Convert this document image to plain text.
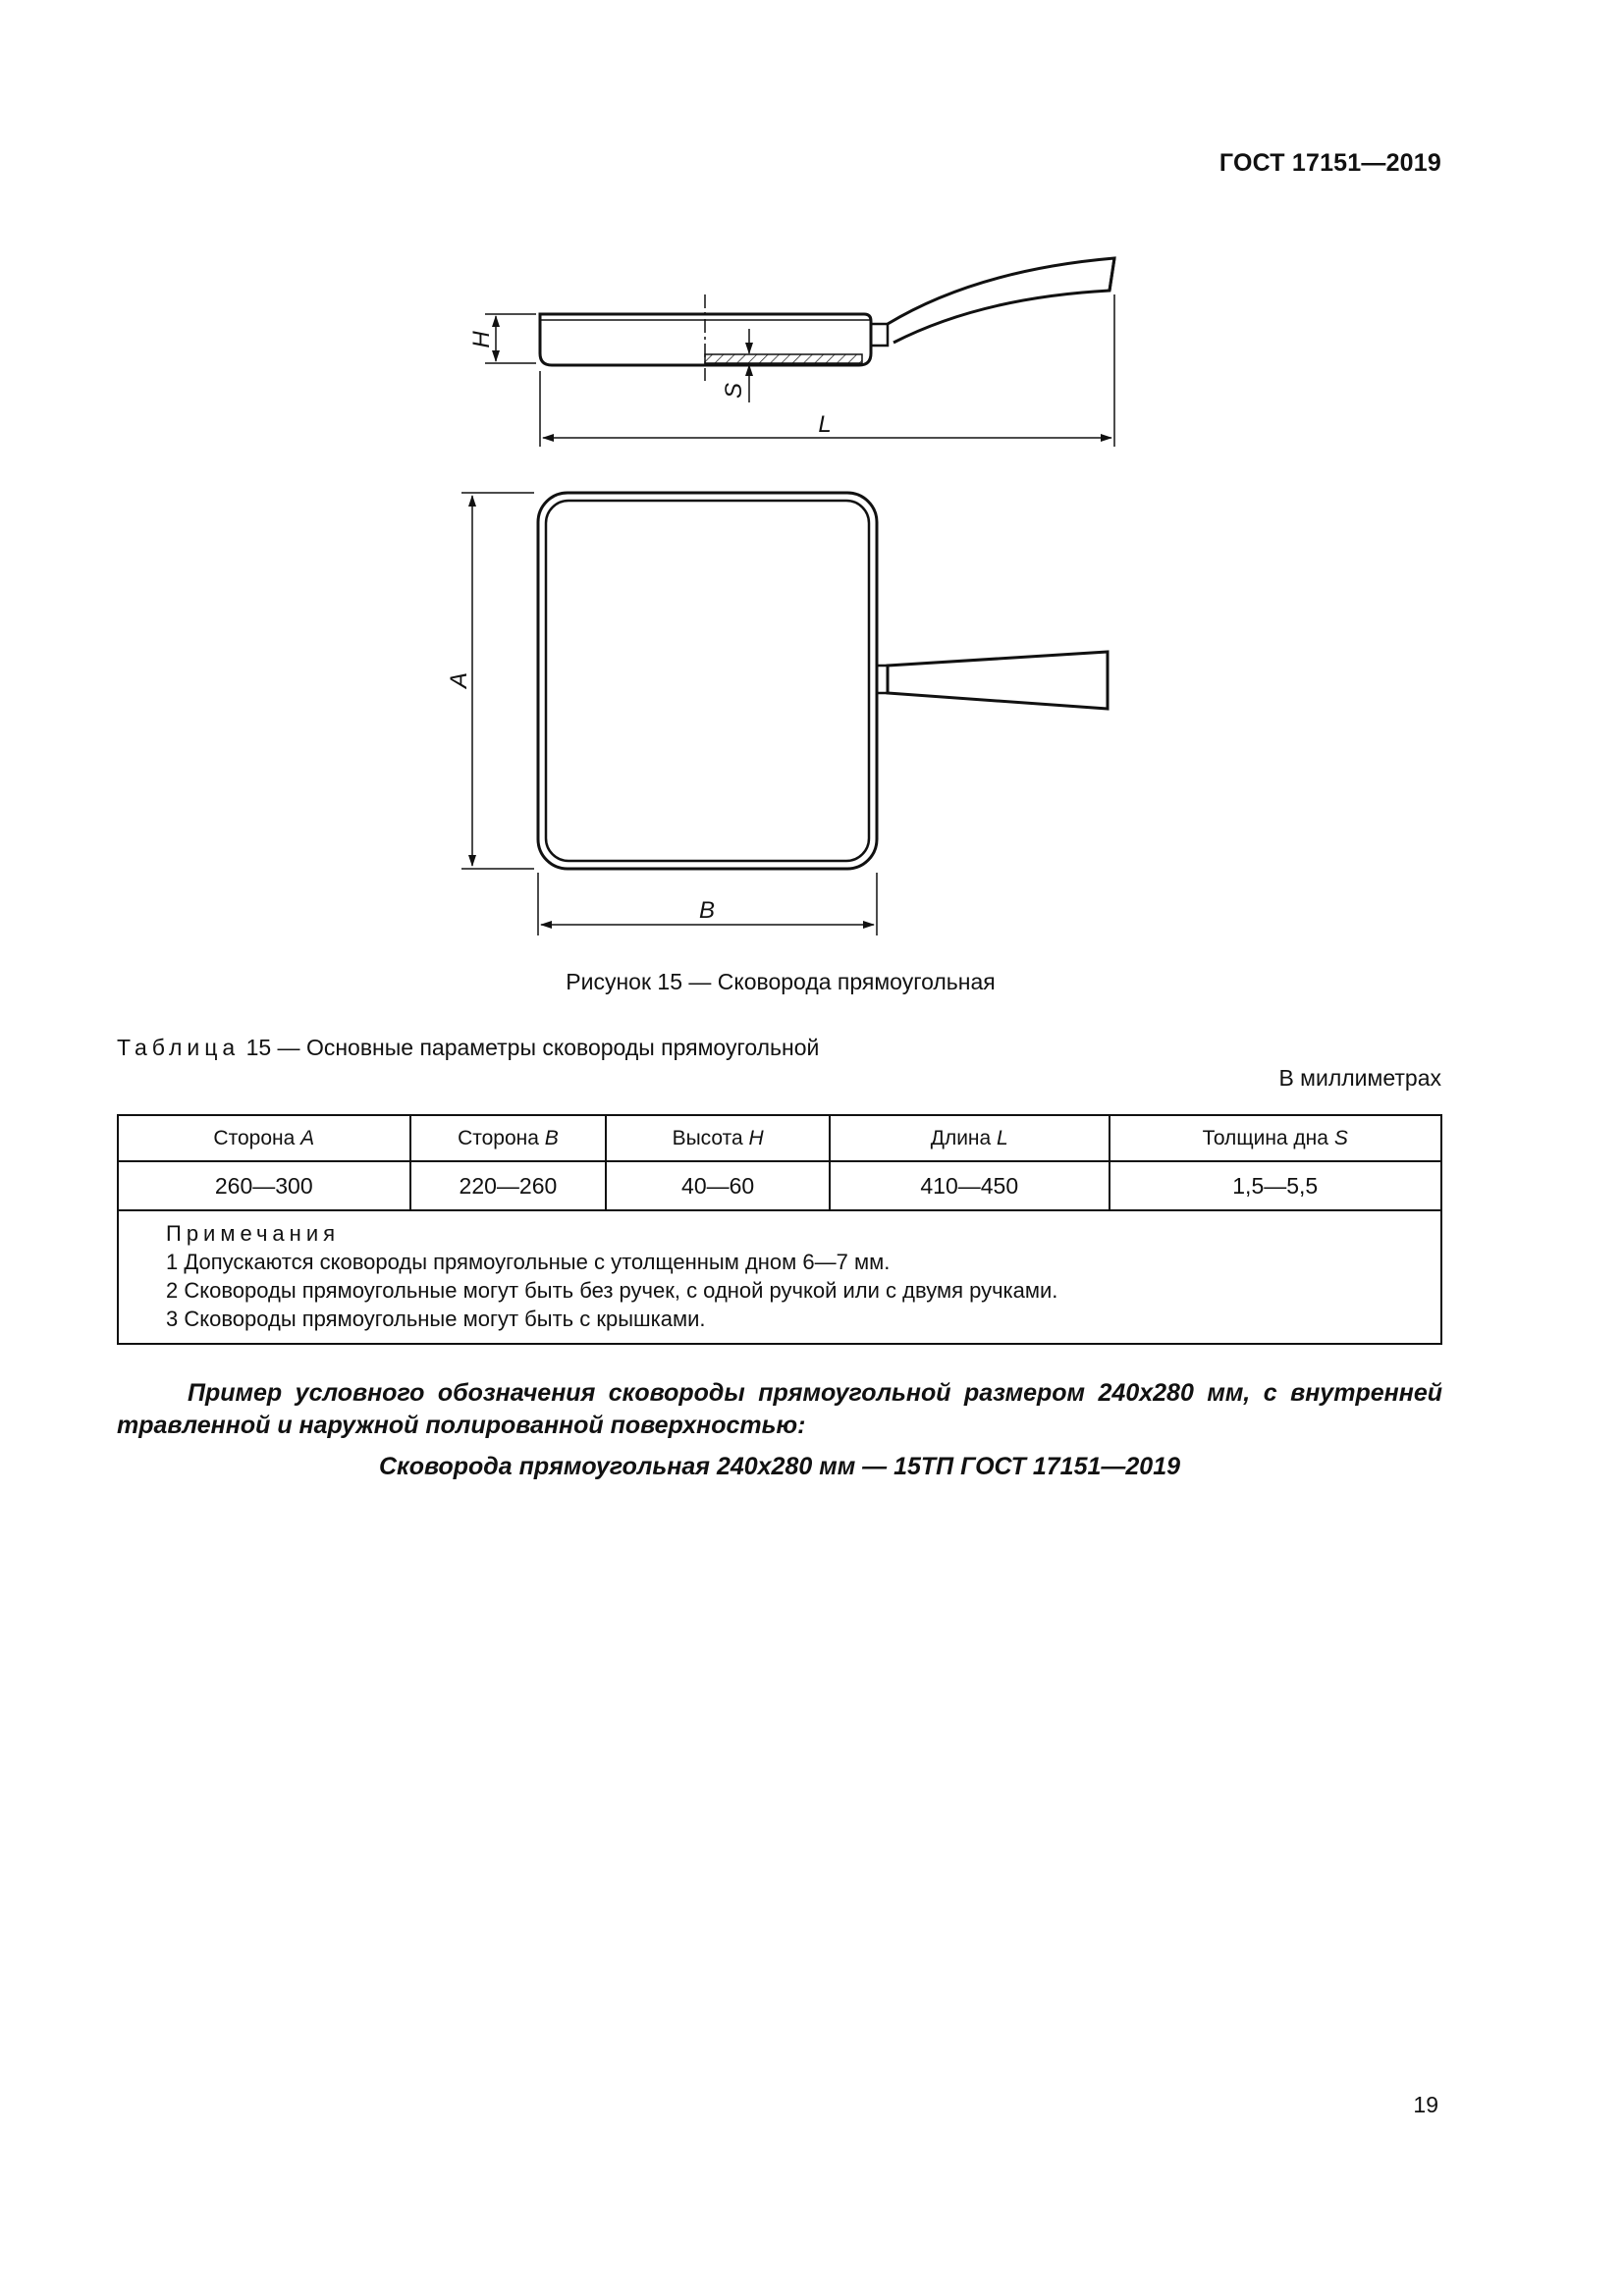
ГОСТ 17151—2019
H
S
L
A
B
Рисунок 15 — Сковорода прямоугольная
Таблица 15 — Основные параметры сковороды прямоугольной
В миллиметрах
Сторона A	Сторона B	Высота H	Длина L	Толщина дна S
260—300	220—260	40—60	410—450	1,5—5,5

Примечания
1 Допускаются сковороды прямоугольные с утолщенным дном 6—7 мм.
2 Сковороды прямоугольные могут быть без ручек, с одной ручкой или с двумя ручками.
3 Сковороды прямоугольные могут быть с крышками.				
Пример условного обозначения сковороды прямоугольной размером 240х280 мм, с внутренней травленной и наружной полированной поверхностью:
Сковорода прямоугольная 240х280 мм — 15ТП ГОСТ 17151—2019
19
